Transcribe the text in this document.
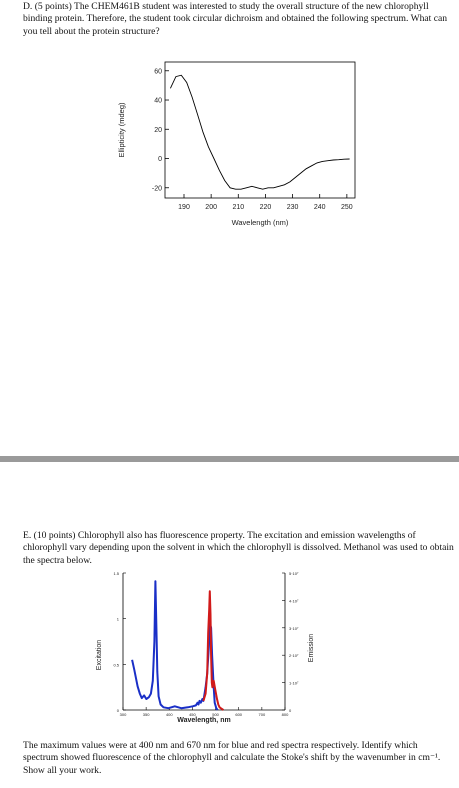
D. (5 points) The CHEM461B student was interested to study the overall structure of the new chlorophyll binding protein. Therefore, the student took circular dichroism and obtained the following spectrum. What can you tell about the protein structure?
60
40
20
0
-20
190 200 210 220 230 240 250
Wavelength (nm)
Ellipticity (mdeg)
1.5
1
0.5
0
5·10⁷
4·10⁷
3·10⁷
2·10⁷
1·10⁷
0
300	350	400	450	500	600	700	800
Wavelength, nm
Excitation	Emission
E. (10 points) Chlorophyll also has fluorescence property. The excitation and emission wavelengths of chlorophyll vary depending upon the solvent in which the chlorophyll is dissolved. Methanol was used to obtain the spectra below.
The maximum values were at 400 nm and 670 nm for blue and red spectra respectively. Identify which spectrum showed fluorescence of the chlorophyll and calculate the Stoke's shift by the wavenumber in cm⁻¹. Show all your work.
